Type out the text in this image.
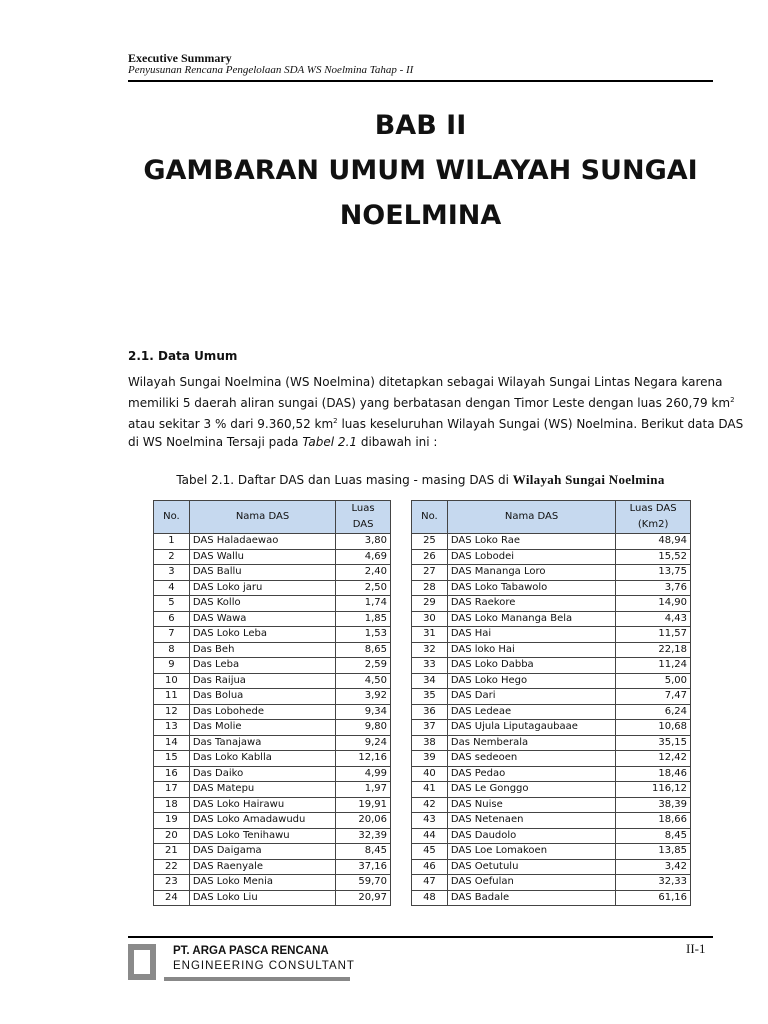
Executive Summary
Penyusunan Rencana Pengelolaan SDA WS Noelmina Tahap - II
BAB II
GAMBARAN UMUM WILAYAH SUNGAI
NOELMINA
2.1. Data Umum
Wilayah Sungai Noelmina (WS Noelmina) ditetapkan sebagai Wilayah Sungai Lintas Negara karena
memiliki 5 daerah aliran sungai (DAS) yang berbatasan dengan Timor Leste dengan luas 260,79 $km^2$
atau sekitar 3 % dari 9.360,52 $km^2$ luas keseluruhan Wilayah Sungai (WS) Noelmina. Berikut data DAS
di WS Noelmina Tersaji pada Tabel 2.1 dibawah ini :
Tabel 2.1. Daftar DAS dan Luas masing - masing DAS di Wilayah Sungai Noelmina
No.	Nama DAS	Luas
DAS
1	DAS Haladaewao	3,80
2	DAS Wallu	4,69
3	DAS Ballu	2,40
4	DAS Loko jaru	2,50
5	DAS Kollo	1,74
6	DAS Wawa	1,85
7	DAS Loko Leba	1,53
8	Das Beh	8,65
9	Das Leba	2,59
10	Das Raijua	4,50
11	Das Bolua	3,92
12	Das Lobohede	9,34
13	Das Molie	9,80
14	Das Tanajawa	9,24
15	Das Loko Kablla	12,16
16	Das Daiko	4,99
17	DAS Matepu	1,97
18	DAS Loko Hairawu	19,91
19	DAS Loko Amadawudu	20,06
20	DAS Loko Tenihawu	32,39
21	DAS Daigama	8,45
22	DAS Raenyale	37,16
23	DAS Loko Menia	59,70
24	DAS Loko Liu	20,97
No.	Nama DAS	Luas DAS
(Km2)
25	DAS Loko Rae	48,94
26	DAS Lobodei	15,52
27	DAS Mananga Loro	13,75
28	DAS Loko Tabawolo	3,76
29	DAS Raekore	14,90
30	DAS Loko Mananga Bela	4,43
31	DAS Hai	11,57
32	DAS loko Hai	22,18
33	DAS Loko Dabba	11,24
34	DAS Loko Hego	5,00
35	DAS Dari	7,47
36	DAS Ledeae	6,24
37	DAS Ujula Liputagaubaae	10,68
38	Das Nemberala	35,15
39	DAS sedeoen	12,42
40	DAS Pedao	18,46
41	DAS Le Gonggo	116,12
42	DAS Nuise	38,39
43	DAS Netenaen	18,66
44	DAS Daudolo	8,45
45	DAS Loe Lomakoen	13,85
46	DAS Oetutulu	3,42
47	DAS Oefulan	32,33
48	DAS Badale	61,16
II-1
PT. ARGA PASCA RENCANA
ENGINEERING CONSULTANT
